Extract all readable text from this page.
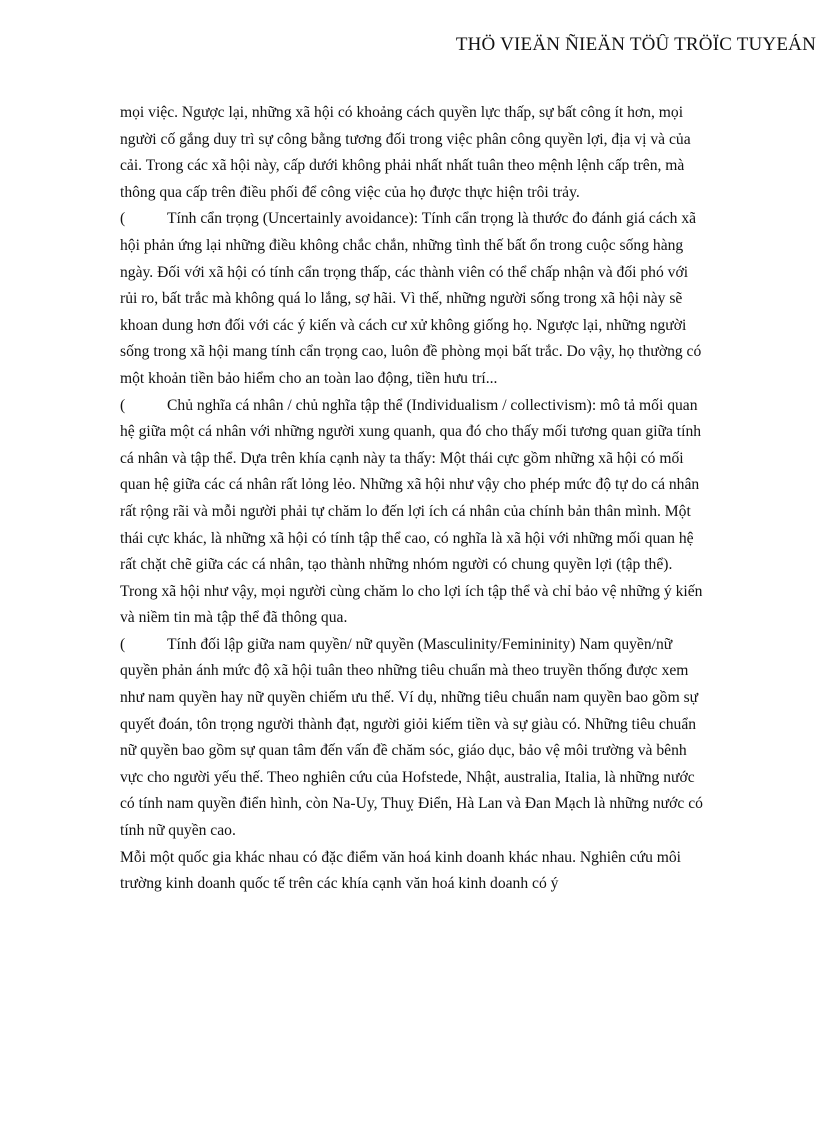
THÖ VIEÄN ÑIEÄN TÖÛ TRÖÏC TUYEÁN

mọi việc. Ngược lại, những xã hội có khoảng cách quyền lực thấp, sự bất công ít hơn, mọi người cố gắng duy trì sự công bằng tương đối trong việc phân công quyền lợi, địa vị và của cải. Trong các xã hội này, cấp dưới không phải nhất nhất tuân theo mệnh lệnh cấp trên, mà thông qua cấp trên điều phối để công việc của họ được thực hiện trôi trảy.

(	Tính cẩn trọng (Uncertainly avoidance): Tính cẩn trọng là thước đo đánh giá cách xã hội phản ứng lại những điều không chắc chắn, những tình thế bất ổn trong cuộc sống hàng ngày. Đối với xã hội có tính cẩn trọng thấp, các thành viên có thể chấp nhận và đối phó với rủi ro, bất trắc mà không quá lo lắng, sợ hãi. Vì thế, những người sống trong xã hội này sẽ khoan dung hơn đối với các ý kiến và cách cư xử không giống họ. Ngược lại, những người sống trong xã hội mang tính cẩn trọng cao, luôn đề phòng mọi bất trắc. Do vậy, họ thường có một khoản tiền bảo hiểm cho an toàn lao động, tiền hưu trí...

(	Chủ nghĩa cá nhân / chủ nghĩa tập thể (Individualism / collectivism): mô tả mối quan hệ giữa một cá nhân với những người xung quanh, qua đó cho thấy mối tương quan giữa tính cá nhân và tập thể. Dựa trên khía cạnh này ta thấy: Một thái cực gồm những xã hội có mối quan hệ giữa các cá nhân rất lỏng lẻo. Những xã hội như vậy cho phép mức độ tự do cá nhân rất rộng rãi và mỗi người phải tự chăm lo đến lợi ích cá nhân của chính bản thân mình. Một thái cực khác, là những xã hội có tính tập thể cao, có nghĩa là xã hội với những mối quan hệ rất chặt chẽ giữa các cá nhân, tạo thành những nhóm người có chung quyền lợi (tập thể). Trong xã hội như vậy, mọi người cùng chăm lo cho lợi ích tập thể và chỉ bảo vệ những ý kiến và niềm tin mà tập thể đã thông qua.

(	Tính đối lập giữa nam quyền/ nữ quyền (Masculinity/Femininity) Nam quyền/nữ quyền phản ánh mức độ xã hội tuân theo những tiêu chuẩn mà theo truyền thống được xem như nam quyền hay nữ quyền chiếm ưu thế. Ví dụ, những tiêu chuẩn nam quyền bao gồm sự quyết đoán, tôn trọng người thành đạt, người giỏi kiếm tiền và sự giàu có. Những tiêu chuẩn nữ quyền bao gồm sự quan tâm đến vấn đề chăm sóc, giáo dục, bảo vệ môi trường và bênh vực cho người yếu thế. Theo nghiên cứu của Hofstede, Nhật, australia, Italia, là những nước có tính nam quyền điển hình, còn Na-Uy, Thuỵ Điển, Hà Lan và Đan Mạch là những nước có tính nữ quyền cao.

Mỗi một quốc gia khác nhau có đặc điểm văn hoá kinh doanh khác nhau. Nghiên cứu môi trường kinh doanh quốc tế trên các khía cạnh văn hoá kinh doanh có ý
